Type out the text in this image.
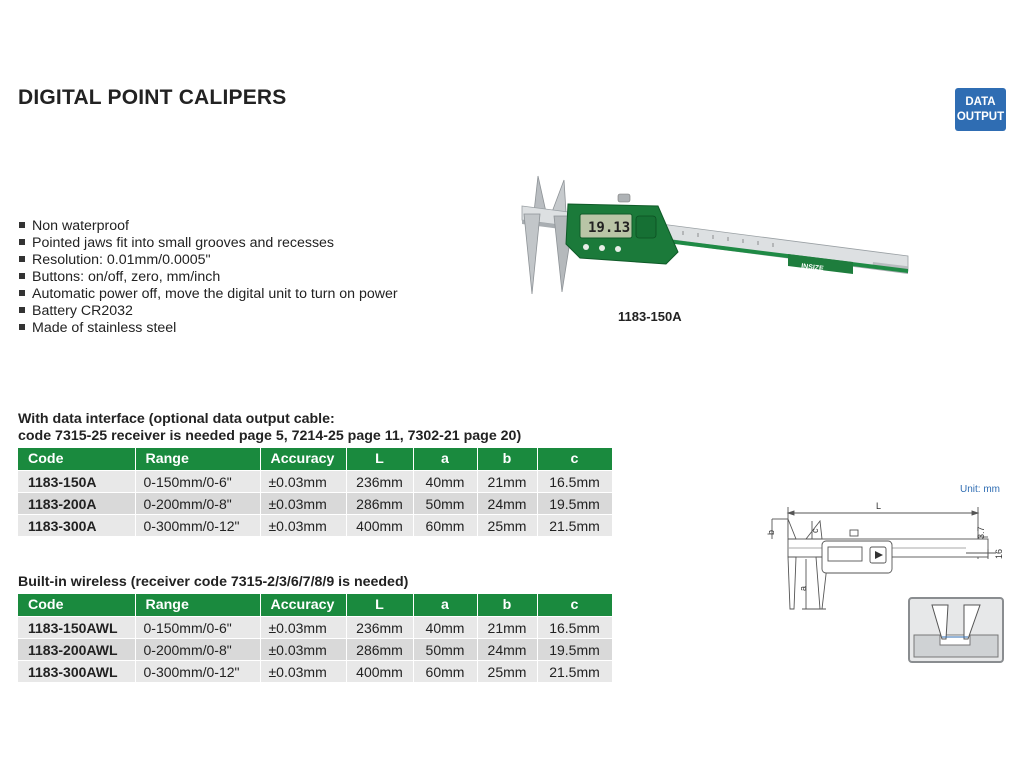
DIGITAL POINT CALIPERS	DATA
OUTPUT
Non waterproof
Pointed jaws fit into small grooves and recesses
Resolution: 0.01mm/0.0005"
Buttons: on/off, zero, mm/inch
Automatic power off, move the digital unit to turn on power
Battery CR2032
Made of stainless steel
INSIZE
19.13
1183-150A
With data interface (optional data output cable:
code 7315-25 receiver is needed page 5, 7214-25 page 11, 7302-21 page 20)
Code	Range	Accuracy	L	a	b	c
1183-150A	0-150mm/0-6"	±0.03mm	236mm	40mm	21mm	16.5mm
1183-200A	0-200mm/0-8"	±0.03mm	286mm	50mm	24mm	19.5mm
1183-300A	0-300mm/0-12"	±0.03mm	400mm	60mm	25mm	21.5mm
Built-in wireless (receiver code 7315-2/3/6/7/8/9 is needed)
Code	Range	Accuracy	L	a	b	c
1183-150AWL	0-150mm/0-6"	±0.03mm	236mm	40mm	21mm	16.5mm
1183-200AWL	0-200mm/0-8"	±0.03mm	286mm	50mm	24mm	19.5mm
1183-300AWL	0-300mm/0-12"	±0.03mm	400mm	60mm	25mm	21.5mm
Unit: mm
L
b	c
a
3.7
16
